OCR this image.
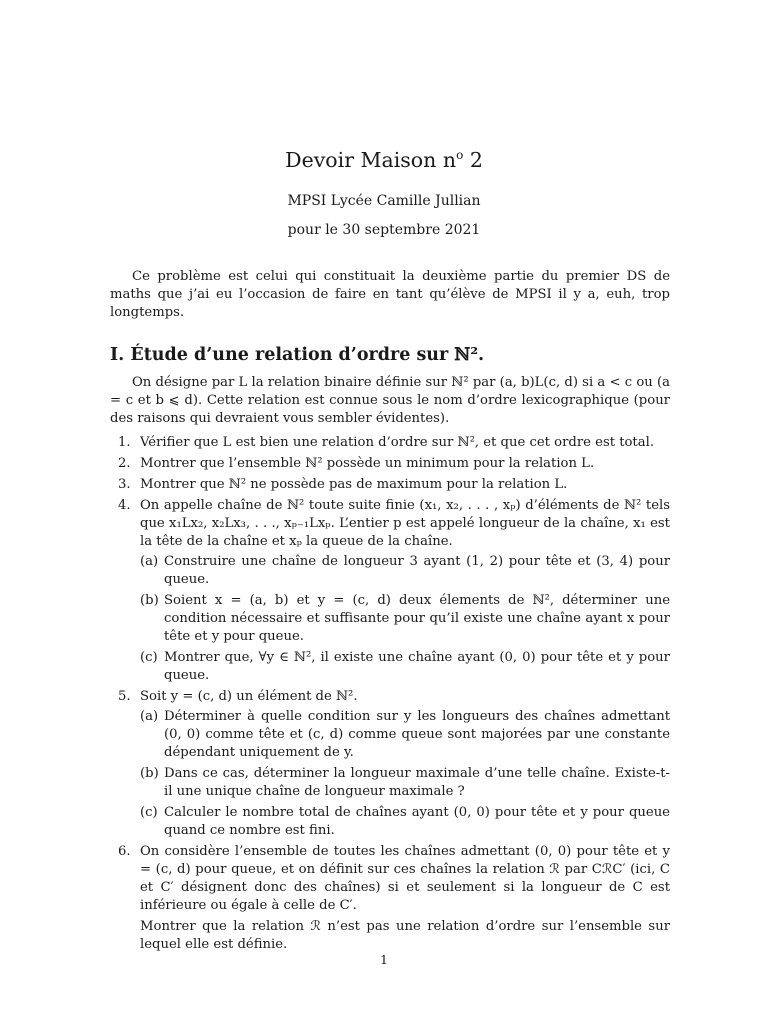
Devoir Maison $n^o$ 2
MPSI Lycée Camille Jullian
pour le 30 septembre 2021

Ce problème est celui qui constituait la deuxième partie du premier DS de maths que j’ai eu l’occasion de faire en tant qu’élève de MPSI il y a, euh, trop longtemps.

I. Étude d’une relation d’ordre sur ℕ².

On désigne par L la relation binaire définie sur ℕ² par (a, b)L(c, d) si a < c ou (a = c et b ⩽ d). Cette relation est connue sous le nom d’ordre lexicographique (pour des raisons qui devraient vous sembler évidentes).

1. Vérifier que L est bien une relation d’ordre sur ℕ², et que cet ordre est total.
2. Montrer que l’ensemble ℕ² possède un minimum pour la relation L.
3. Montrer que ℕ² ne possède pas de maximum pour la relation L.
4. On appelle chaîne de ℕ² toute suite finie (x₁, x₂, . . . , xₚ) d’éléments de ℕ² tels que x₁Lx₂, x₂Lx₃, . . ., xₚ₋₁Lxₚ. L’entier p est appelé longueur de la chaîne, x₁ est la tête de la chaîne et xₚ la queue de la chaîne.

(a) Construire une chaîne de longueur 3 ayant (1, 2) pour tête et (3, 4) pour queue.
(b) Soient x = (a, b) et y = (c, d) deux élements de ℕ², déterminer une condition nécessaire et suffisante pour qu’il existe une chaîne ayant x pour tête et y pour queue.
(c) Montrer que, ∀y ∈ ℕ², il existe une chaîne ayant (0, 0) pour tête et y pour queue.
5. Soit y = (c, d) un élément de ℕ².

(a) Déterminer à quelle condition sur y les longueurs des chaînes admettant (0, 0) comme tête et (c, d) comme queue sont majorées par une constante dépendant uniquement de y.
(b) Dans ce cas, déterminer la longueur maximale d’une telle chaîne. Existe-t-il une unique chaîne de longueur maximale ?
(c) Calculer le nombre total de chaînes ayant (0, 0) pour tête et y pour queue quand ce nombre est fini.
6. On considère l’ensemble de toutes les chaînes admettant (0, 0) pour tête et y = (c, d) pour queue, et on définit sur ces chaînes la relation ℛ par CℛC′ (ici, C et C′ désignent donc des chaînes) si et seulement si la longueur de C est inférieure ou égale à celle de C′.

Montrer que la relation ℛ n’est pas une relation d’ordre sur l’ensemble sur lequel elle est définie.

1
